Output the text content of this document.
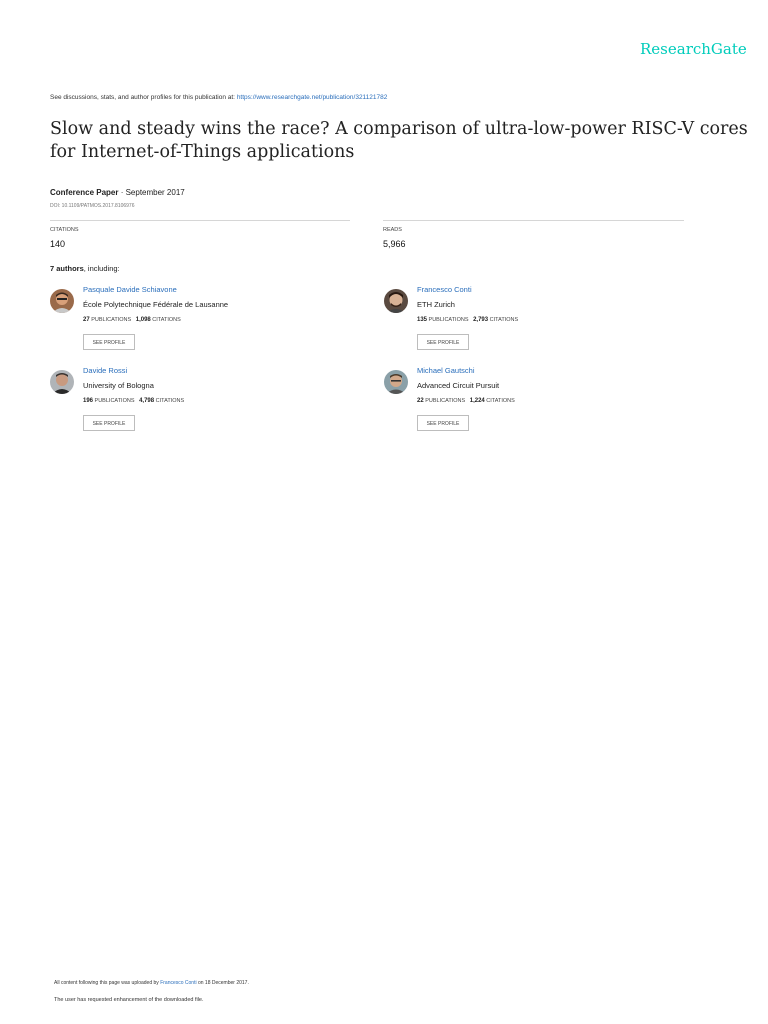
ResearchGate
See discussions, stats, and author profiles for this publication at: https://www.researchgate.net/publication/321121782
Slow and steady wins the race? A comparison of ultra-low-power RISC-V cores
for Internet-of-Things applications
Conference Paper · September 2017
DOI: 10.1109/PATMOS.2017.8106976
CITATIONS
140
READS
5,966
7 authors, including:
Pasquale Davide Schiavone
École Polytechnique Fédérale de Lausanne
27 PUBLICATIONS 1,098 CITATIONS
SEE PROFILE
Francesco Conti
ETH Zurich
135 PUBLICATIONS 2,793 CITATIONS
SEE PROFILE
Davide Rossi
University of Bologna
196 PUBLICATIONS 4,798 CITATIONS
SEE PROFILE
Michael Gautschi
Advanced Circuit Pursuit
22 PUBLICATIONS 1,224 CITATIONS
SEE PROFILE
All content following this page was uploaded by Francesco Conti on 18 December 2017.
The user has requested enhancement of the downloaded file.
